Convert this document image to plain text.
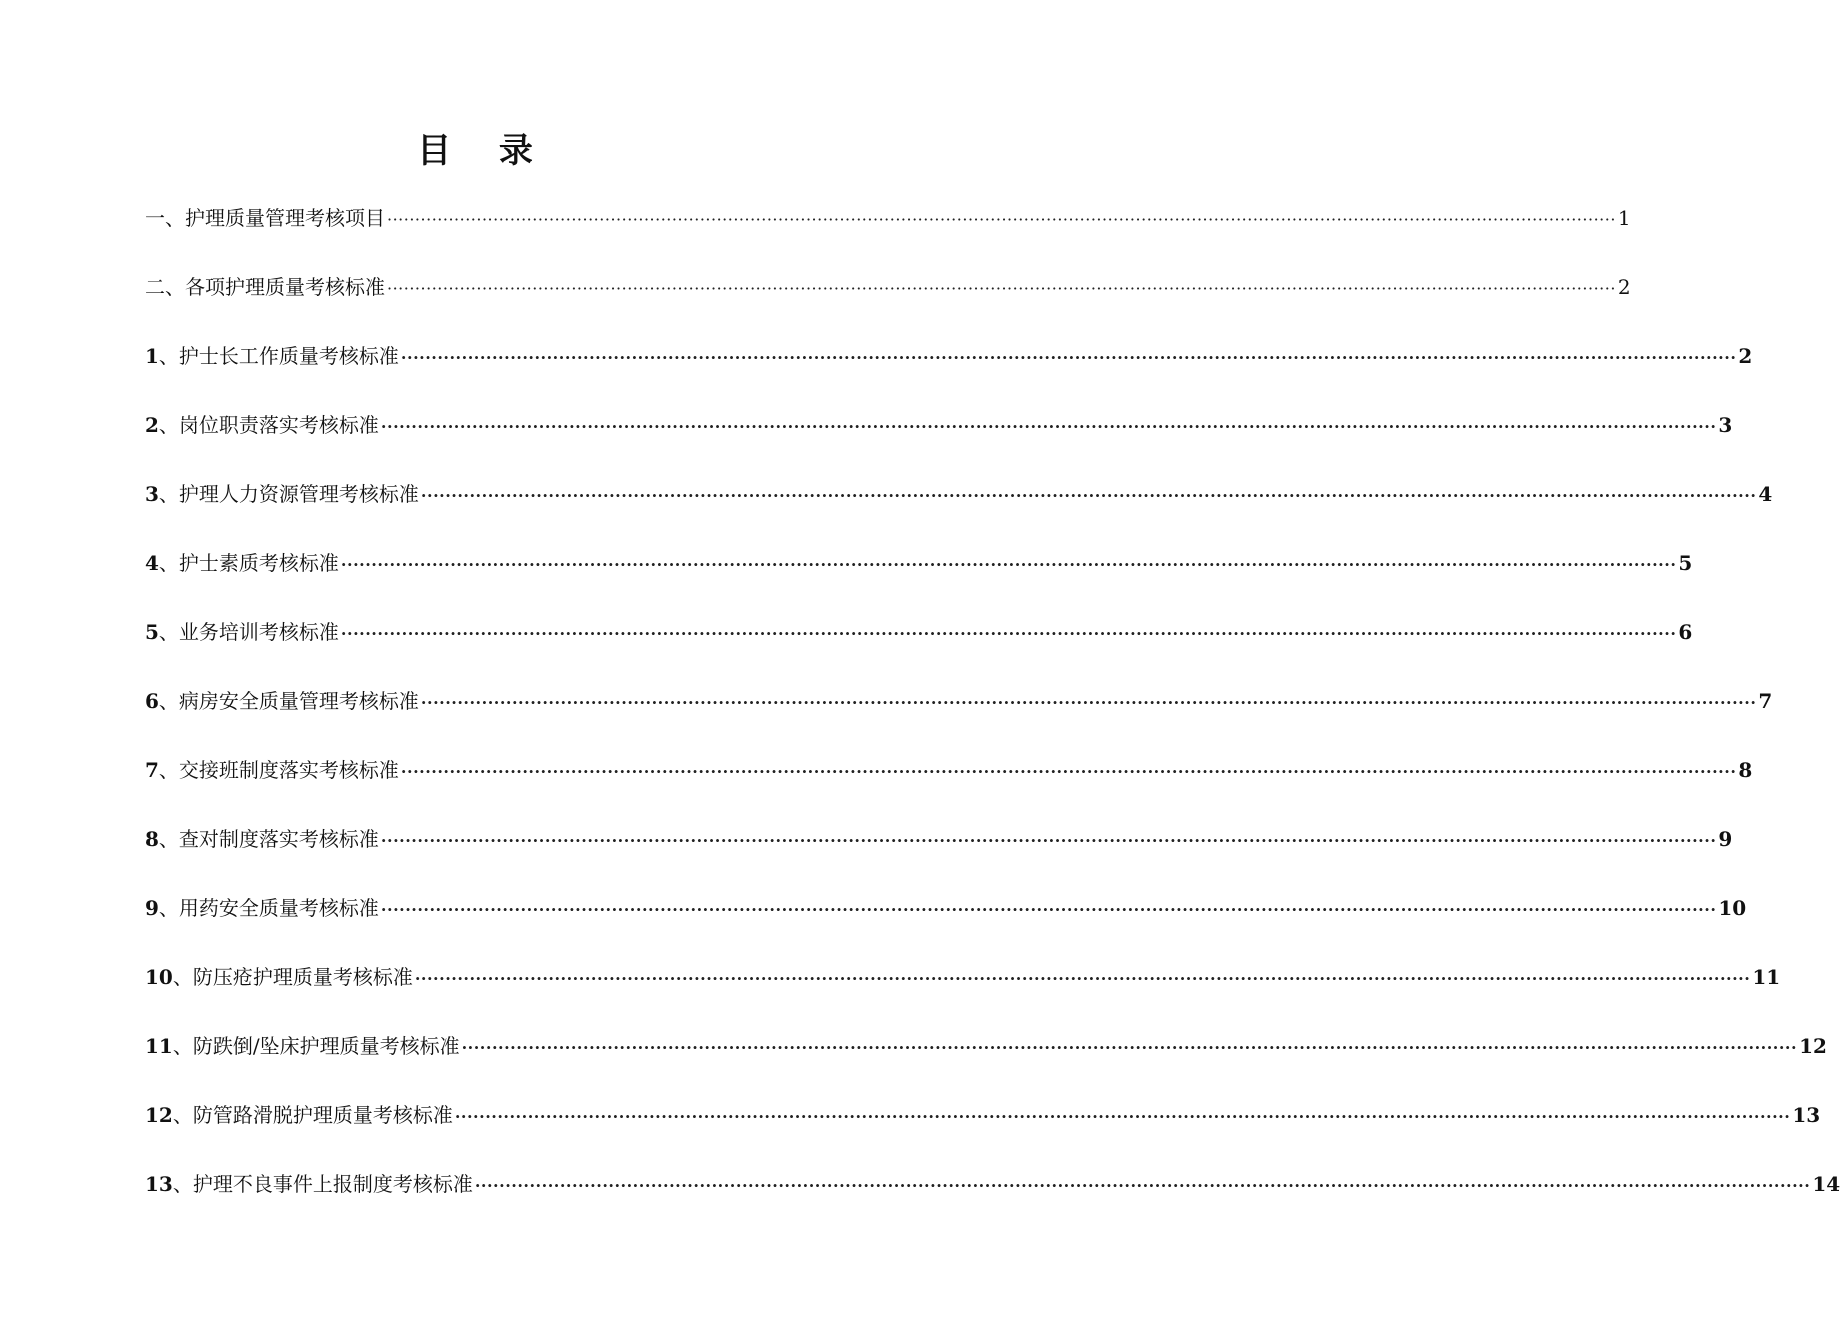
目 录
一、护理质量管理考核项目 ···························································································································································································································· 1
二、各项护理质量考核标准 ···························································································································································································································· 2
1、护士长工作质量考核标准 ···························································································································································································································· 2
2、岗位职责落实考核标准 ···························································································································································································································· 3
3、护理人力资源管理考核标准 ···························································································································································································································· 4
4、护士素质考核标准 ···························································································································································································································· 5
5、业务培训考核标准 ···························································································································································································································· 6
6、病房安全质量管理考核标准 ···························································································································································································································· 7
7、交接班制度落实考核标准 ···························································································································································································································· 8
8、查对制度落实考核标准 ···························································································································································································································· 9
9、用药安全质量考核标准 ···························································································································································································································· 10
10、防压疮护理质量考核标准 ···························································································································································································································· 11
11、防跌倒/坠床护理质量考核标准 ···························································································································································································································· 12
12、防管路滑脱护理质量考核标准 ···························································································································································································································· 13
13、护理不良事件上报制度考核标准 ···························································································································································································································· 14
